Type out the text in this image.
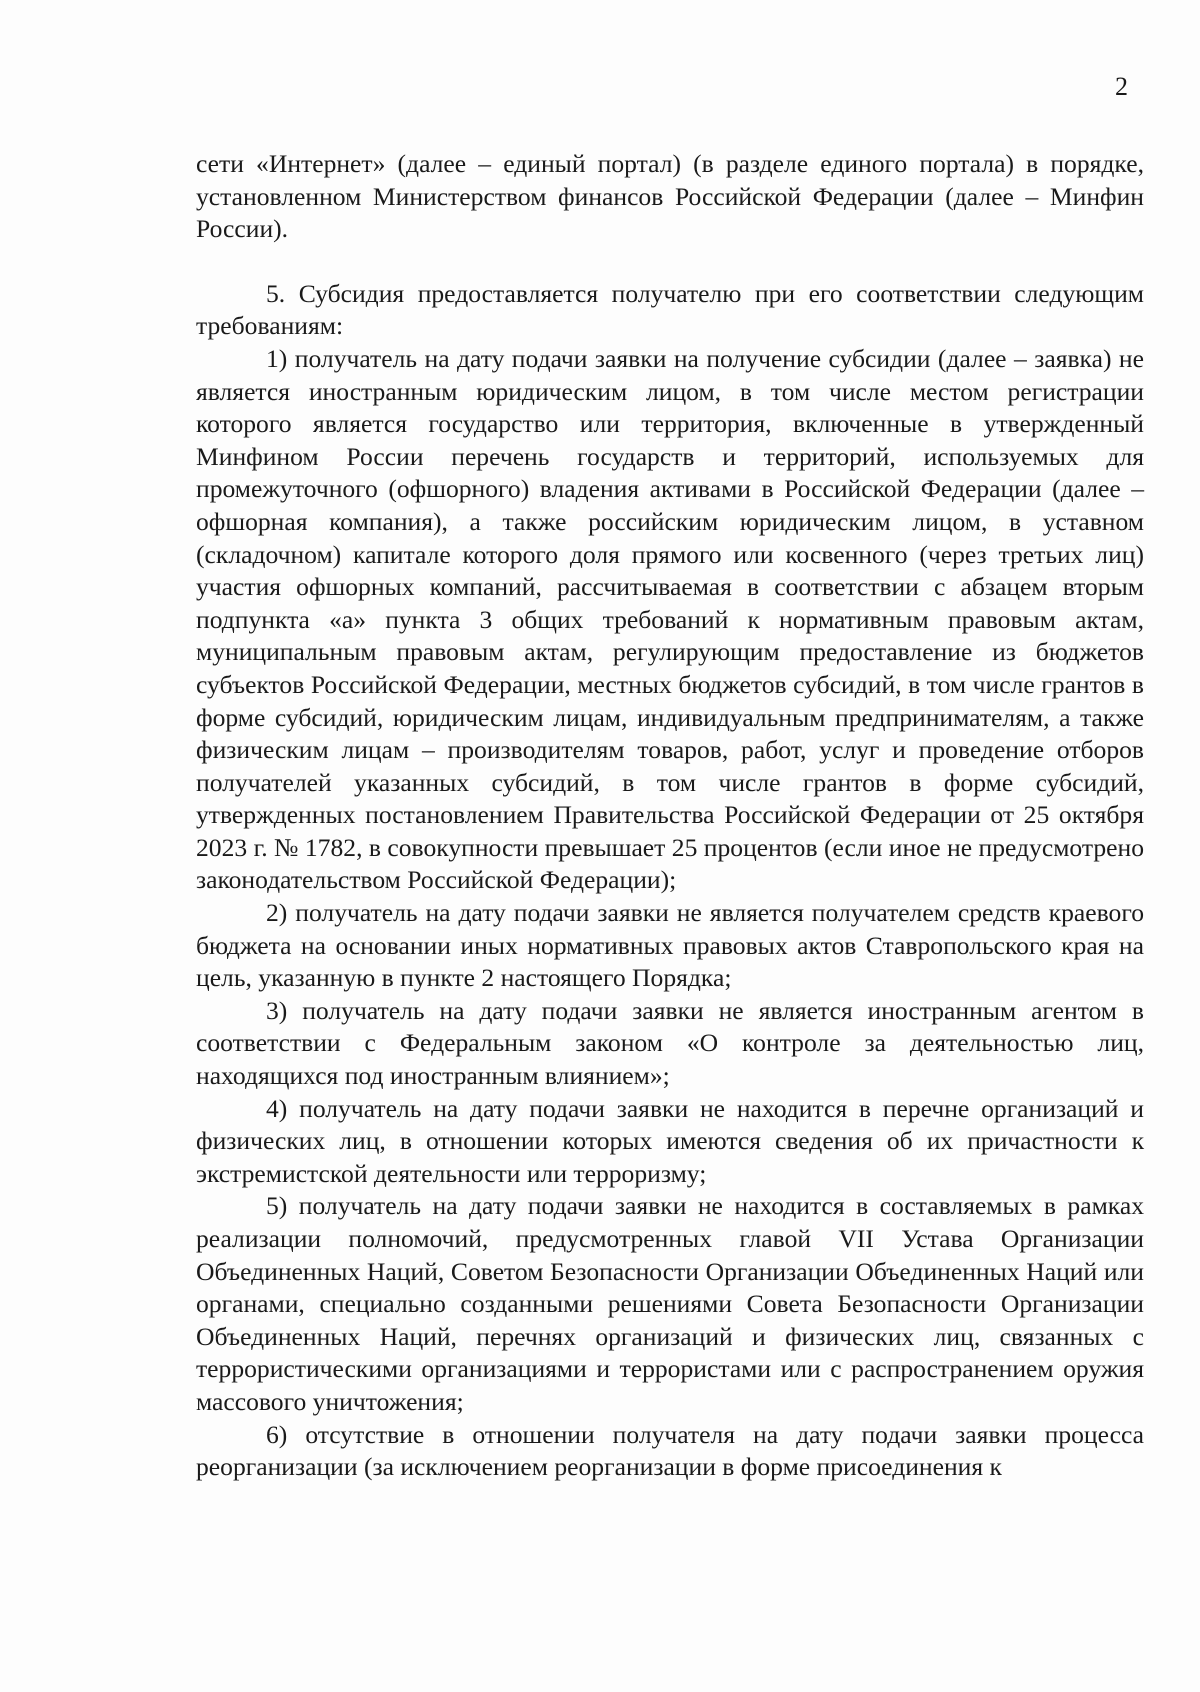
2

сети «Интернет» (далее – единый портал) (в разделе единого портала) в порядке, установленном Министерством финансов Российской Федерации (далее – Минфин России).

5. Субсидия предоставляется получателю при его соответствии следующим требованиям:

1) получатель на дату подачи заявки на получение субсидии (далее – заявка) не является иностранным юридическим лицом, в том числе местом регистрации которого является государство или территория, включенные в утвержденный Минфином России перечень государств и территорий, используемых для промежуточного (офшорного) владения активами в Российской Федерации (далее – офшорная компания), а также российским юридическим лицом, в уставном (складочном) капитале которого доля прямого или косвенного (через третьих лиц) участия офшорных компаний, рассчитываемая в соответствии с абзацем вторым подпункта «а» пункта 3 общих требований к нормативным правовым актам, муниципальным правовым актам, регулирующим предоставление из бюджетов субъектов Российской Федерации, местных бюджетов субсидий, в том числе грантов в форме субсидий, юридическим лицам, индивидуальным предпринимателям, а также физическим лицам – производителям товаров, работ, услуг и проведение отборов получателей указанных субсидий, в том числе грантов в форме субсидий, утвержденных постановлением Правительства Российской Федерации от 25 октября 2023 г. № 1782, в совокупности превышает 25 процентов (если иное не предусмотрено законодательством Российской Федерации);

2) получатель на дату подачи заявки не является получателем средств краевого бюджета на основании иных нормативных правовых актов Ставропольского края на цель, указанную в пункте 2 настоящего Порядка;

3) получатель на дату подачи заявки не является иностранным агентом в соответствии с Федеральным законом «О контроле за деятельностью лиц, находящихся под иностранным влиянием»;

4) получатель на дату подачи заявки не находится в перечне организаций и физических лиц, в отношении которых имеются сведения об их причастности к экстремистской деятельности или терроризму;

5) получатель на дату подачи заявки не находится в составляемых в рамках реализации полномочий, предусмотренных главой VII Устава Организации Объединенных Наций, Советом Безопасности Организации Объединенных Наций или органами, специально созданными решениями Совета Безопасности Организации Объединенных Наций, перечнях организаций и физических лиц, связанных с террористическими организациями и террористами или с распространением оружия массового уничтожения;

6) отсутствие в отношении получателя на дату подачи заявки процесса реорганизации (за исключением реорганизации в форме присоединения к
